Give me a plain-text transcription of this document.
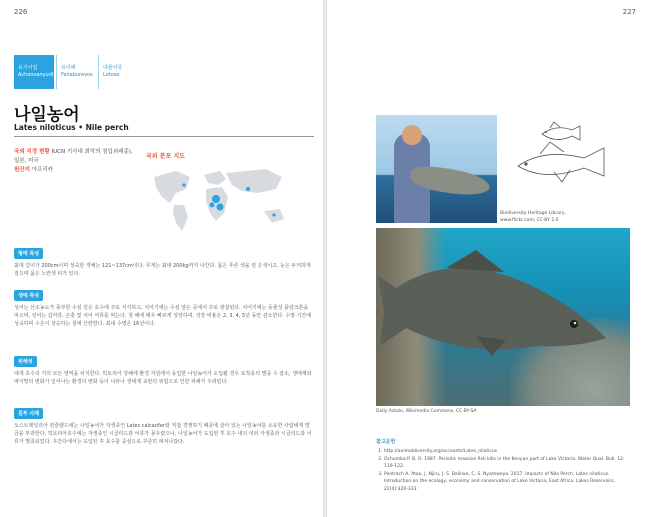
226	227
유기어업
Achoovanyudi
유어떼
Fanaburevos
대물어류
Lotose
나일농어
Lates niloticus • Nile perch
국외 지정 현황 IUCN 기사대 최악의 침입외래종),
일본, 미국
원산지 아프리카
국외 분포 지도
형태 특성

최대 길이가 200cm이며 성숙한 개체는 121~137cm이다. 무게는 최대 200kg까지 나간다. 몸은 푸른 색을 띤 은색이고, 눈은 두꺼하게 검으며 몸은 노란색 띠가 있다.

생태 특성

성어는 산소농도가 풍부한 수심 깊은 호수에 주로 서식하고, 치어기에는 수심 얕은 곳에서 주로 관찰된다. 치어기에는 동물성 플랑크톤을 먹으며, 성어는 갑각류, 곤충 및 치어 어류를 먹는다. 첫 해에 매우 빠르게 성장하며, 성장 비율은 2, 3, 4, 5년 동안 감소한다. 수명 기간에 성숙하며 수온이 상승하는 철에 산란한다. 최대 수명은 16년이다.

위해성

대개 호수의 거의 모든 영역을 차지한다. 빅토리아 강해에 환경 자원에서 유입한 나일농어가 도입될 경우 토착종의 멸종 수 감소, 생태계와 먹이망의 변화가 일어나는 환경의 변화 등이 나타나 생태계 교란의 위험으로 인한 피해가 우려된다.

침투 사례

오스트레일리아 퀸즐랜드에는 나일농어가 자생종인 Lates calcarifer와 직접 경쟁하기 때문에 살아 있는 나일농어를 소유한 사람에게 벌금을 부과한다. 빅토리아호수에는 자생종인 시클리드과 어류가 몽우렸으나, 나일농어가 도입된 후 호수 내의 여러 자생종과 시클리드과 어류가 멸종되었다. 우간다에서는 도입된 후 호수를 중심으로 꾸준히 퍼져나갔다.

Biodiversity Heritage Library,
www.flickr.com, CC-BY 2.0
Dolly Aztalo, Wikimedia Commons, CC-BY-SA
참고문헌
1. http://animaldiversity.org/accounts/Lates_niloticus
2. Ochumba P. B. O. 1987. Periodic massive fish kills in the Kenyan part of Lake Victoria. Water Qual. Bull. 12: 119-122.
3. Pentrach A. Atao, J. Njiru, J. S. Balirwa, C. S. Nyamweya. 2017. Impacts of Nile Perch, Lates niloticus. Introduction on the ecology, economy and conservation of Lake Victoria, East Africa. Lakes Reservoirs, 22(4):320-333.
